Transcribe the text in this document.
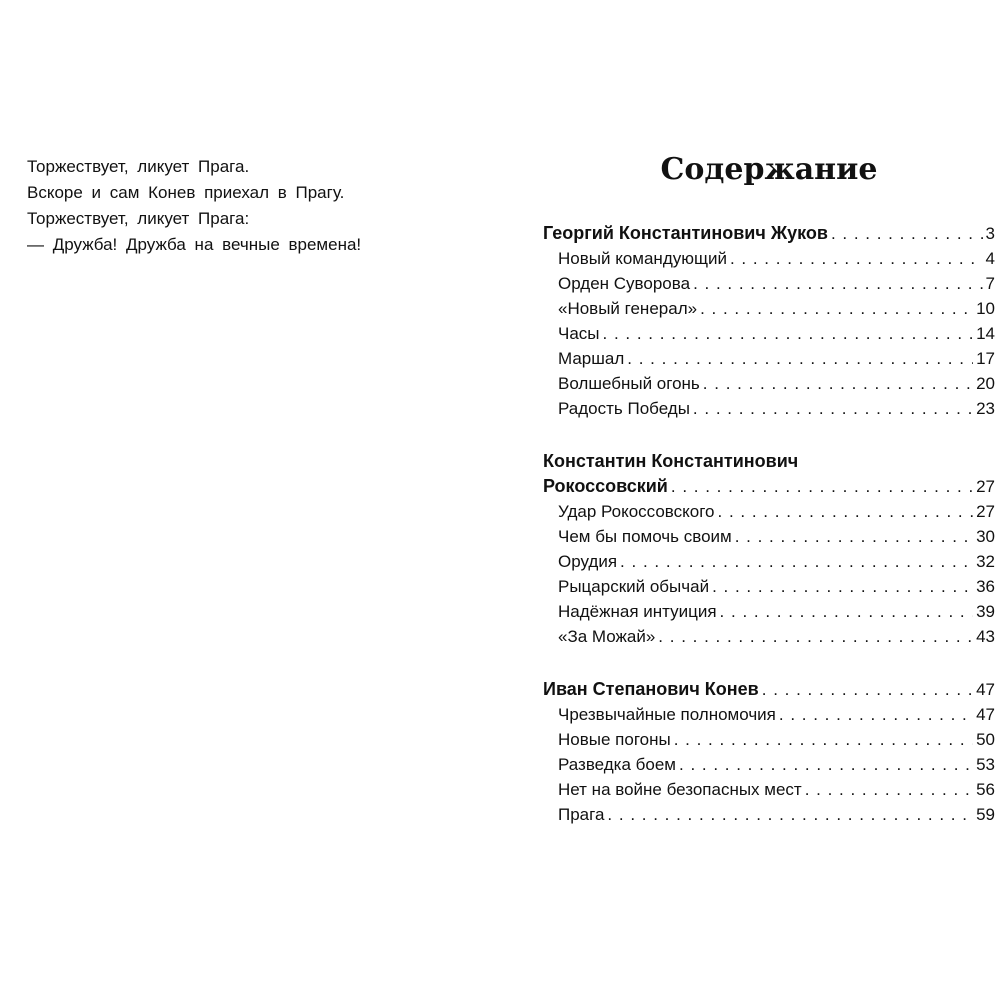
Торжествует, ликует Прага.
Вскоре и сам Конев приехал в Прагу.
Торжествует, ликует Прага:
— Дружба! Дружба на вечные времена!
Содержание
Георгий Константинович Жуков . . .	3
Новый командующий . . .	4
Орден Суворова . . .	7
«Новый генерал» . . .	10
Часы . . .	14
Маршал . . .	17
Волшебный огонь . . .	20
Радость Победы . . .	23
Константин Константинович
Рокоссовский . . .	27
Удар Рокоссовского . . .	27
Чем бы помочь своим . . .	30
Орудия . . .	32
Рыцарский обычай . . .	36
Надёжная интуиция . . .	39
«За Можай» . . .	43
Иван Степанович Конев . . .	47
Чрезвычайные полномочия . . .	47
Новые погоны . . .	50
Разведка боем . . .	53
Нет на войне безопасных мест . . .	56
Прага . . .	59
